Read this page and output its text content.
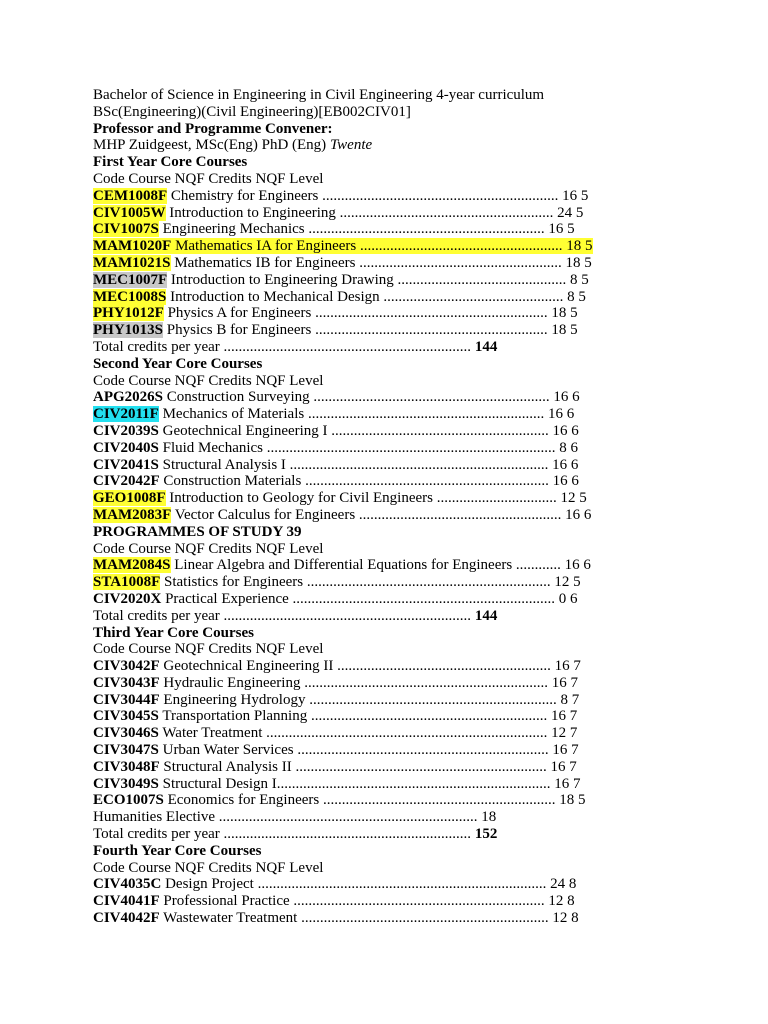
Bachelor of Science in Engineering in Civil Engineering 4-year curriculum
BSc(Engineering)(Civil Engineering)[EB002CIV01]
Professor and Programme Convener:
MHP Zuidgeest, MSc(Eng) PhD (Eng) Twente
First Year Core Courses
Code Course NQF Credits NQF Level
CEM1008F Chemistry for Engineers ............................................................... 16 5
CIV1005W Introduction to Engineering ......................................................... 24 5
CIV1007S Engineering Mechanics ............................................................... 16 5
MAM1020F Mathematics IA for Engineers ...................................................... 18 5
MAM1021S Mathematics IB for Engineers ...................................................... 18 5
MEC1007F Introduction to Engineering Drawing ............................................. 8 5
MEC1008S Introduction to Mechanical Design ................................................ 8 5
PHY1012F Physics A for Engineers .............................................................. 18 5
PHY1013S Physics B for Engineers .............................................................. 18 5
Total credits per year .................................................................. 144
Second Year Core Courses
Code Course NQF Credits NQF Level
APG2026S Construction Surveying ............................................................... 16 6
CIV2011F Mechanics of Materials ............................................................... 16 6
CIV2039S Geotechnical Engineering I .......................................................... 16 6
CIV2040S Fluid Mechanics ............................................................................. 8 6
CIV2041S Structural Analysis I ..................................................................... 16 6
CIV2042F Construction Materials ................................................................. 16 6
GEO1008F Introduction to Geology for Civil Engineers ................................ 12 5
MAM2083F Vector Calculus for Engineers ...................................................... 16 6
PROGRAMMES OF STUDY 39
Code Course NQF Credits NQF Level
MAM2084S Linear Algebra and Differential Equations for Engineers ............ 16 6
STA1008F Statistics for Engineers ................................................................. 12 5
CIV2020X Practical Experience ...................................................................... 0 6
Total credits per year .................................................................. 144
Third Year Core Courses
Code Course NQF Credits NQF Level
CIV3042F Geotechnical Engineering II ......................................................... 16 7
CIV3043F Hydraulic Engineering ................................................................. 16 7
CIV3044F Engineering Hydrology .................................................................. 8 7
CIV3045S Transportation Planning ............................................................... 16 7
CIV3046S Water Treatment ........................................................................... 12 7
CIV3047S Urban Water Services ................................................................... 16 7
CIV3048F Structural Analysis II ................................................................... 16 7
CIV3049S Structural Design I......................................................................... 16 7
ECO1007S Economics for Engineers .............................................................. 18 5
Humanities Elective ..................................................................... 18
Total credits per year .................................................................. 152
Fourth Year Core Courses
Code Course NQF Credits NQF Level
CIV4035C Design Project ............................................................................. 24 8
CIV4041F Professional Practice ................................................................... 12 8
CIV4042F Wastewater Treatment .................................................................. 12 8
